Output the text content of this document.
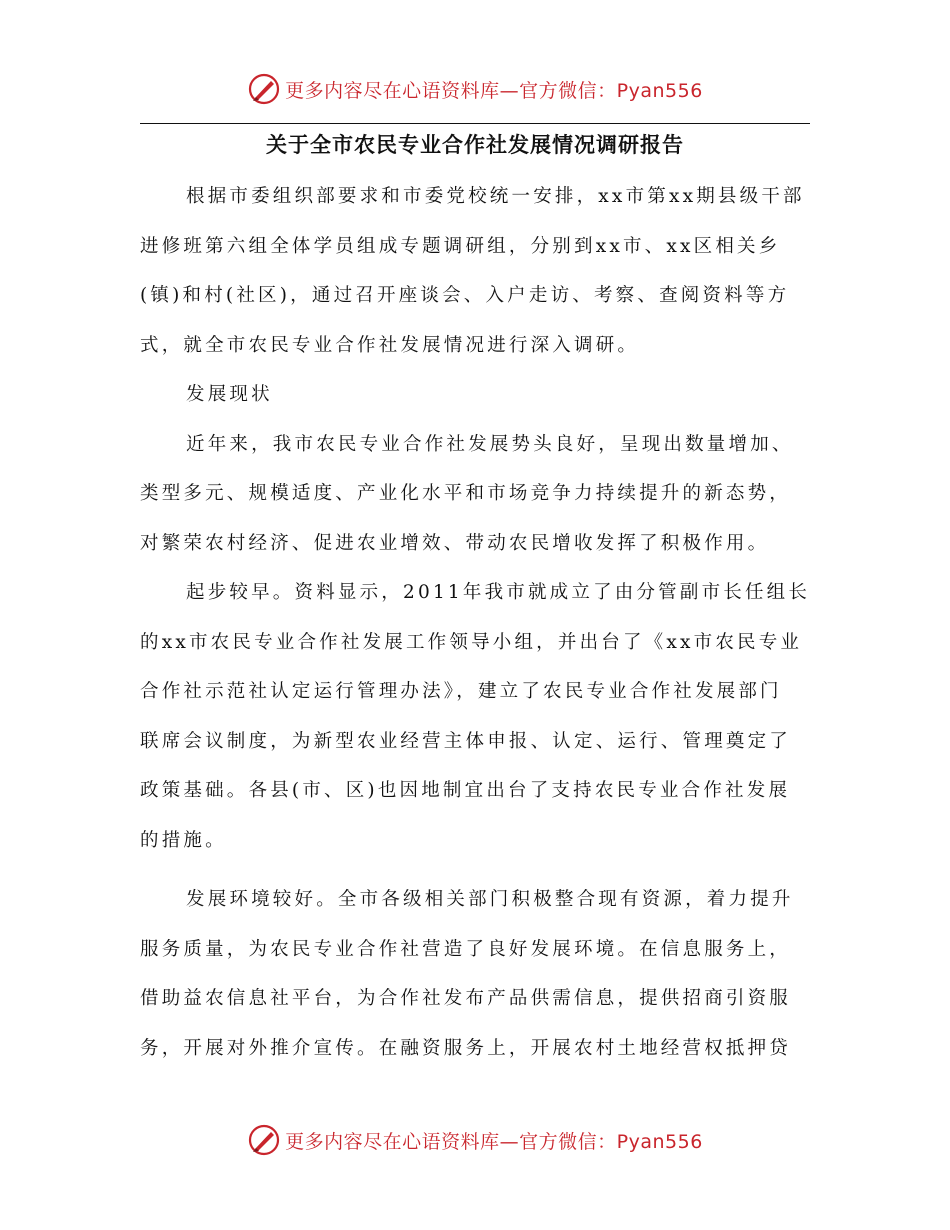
更多内容尽在心语资料库—官方微信：Pyan556
关于全市农民专业合作社发展情况调研报告
根据市委组织部要求和市委党校统一安排，xx市第xx期县级干部
进修班第六组全体学员组成专题调研组，分别到xx市、xx区相关乡
(镇)和村(社区)，通过召开座谈会、入户走访、考察、查阅资料等方
式，就全市农民专业合作社发展情况进行深入调研。
发展现状
近年来，我市农民专业合作社发展势头良好，呈现出数量增加、
类型多元、规模适度、产业化水平和市场竞争力持续提升的新态势，
对繁荣农村经济、促进农业增效、带动农民增收发挥了积极作用。
起步较早。资料显示，2011年我市就成立了由分管副市长任组长
的xx市农民专业合作社发展工作领导小组，并出台了《xx市农民专业
合作社示范社认定运行管理办法》，建立了农民专业合作社发展部门
联席会议制度，为新型农业经营主体申报、认定、运行、管理奠定了
政策基础。各县(市、区)也因地制宜出台了支持农民专业合作社发展
的措施。
发展环境较好。全市各级相关部门积极整合现有资源，着力提升
服务质量，为农民专业合作社营造了良好发展环境。在信息服务上，
借助益农信息社平台，为合作社发布产品供需信息，提供招商引资服
务，开展对外推介宣传。在融资服务上，开展农村土地经营权抵押贷
更多内容尽在心语资料库—官方微信：Pyan556
